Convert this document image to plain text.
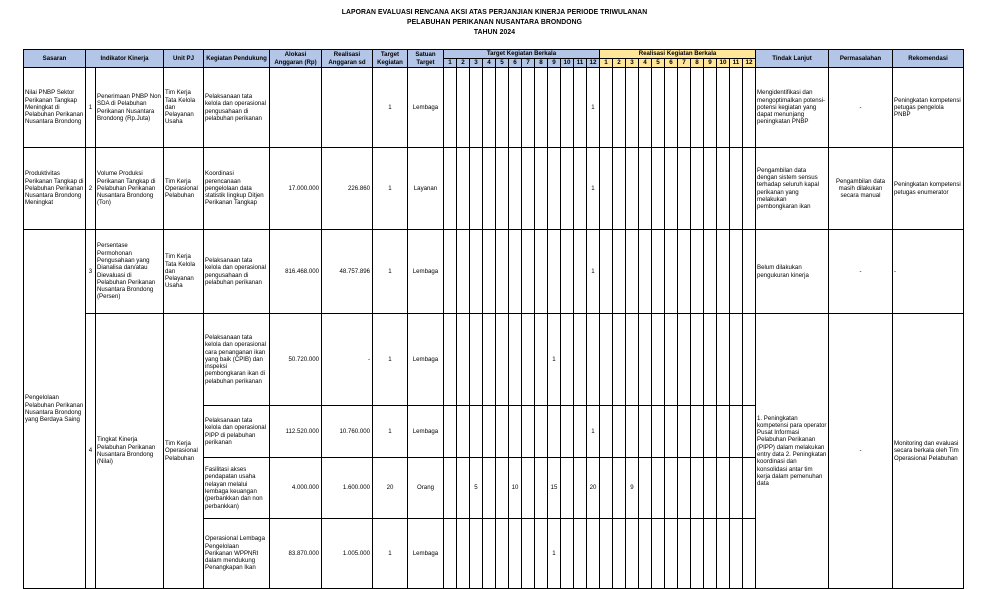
LAPORAN EVALUASI RENCANA AKSI ATAS PERJANJIAN KINERJA PERIODE TRIWULANAN
PELABUHAN PERIKANAN NUSANTARA BRONDONG
TAHUN 2024
Sasaran	Indikator Kinerja		Unit PJ	Kegiatan Pendukung	Alokasi Anggaran (Rp)	Realisasi Anggaran sd	Target Kegiatan	Satuan Target	Target Kegiatan Berkala												Realisasi Kegiatan Berkala												Tindak Lanjut	Permasalahan	Rekomendasi
									1	2	3	4	5	6	7	8	9	10	11	12	1	2	3	4	5	6	7	8	9	10	11	12			
Nilai PNBP Sektor Perikanan Tangkap Meningkat di Pelabuhan Perikanan Nusantara Brondong	1	Penerimaan PNBP Non SDA di Pelabuhan Perikanan Nusantara Brondong (Rp.Juta)	Tim Kerja Tata Kelola dan Pelayanan Usaha	Pelaksanaan tata kelola dan operasional pengusahaan di pelabuhan perikanan			1	Lembaga												1													Mengidentifikasi dan mengoptimalkan potensi-potensi kegiatan yang dapat menunjang peningkatan PNBP	-	Peningkatan kompetensi petugas pengelola PNBP
Produktivitas Perikanan Tangkap di Pelabuhan Perikanan Nusantara Brondong Meningkat	2	Volume Produksi Perikanan Tangkap di Pelabuhan Perikanan Nusantara Brondong (Ton)	Tim Kerja Operasional Pelabuhan	Koordinasi perencanaan pengelolaan data statistik lingkup Ditjen Perikanan Tangkap	17.000.000	226.860	1	Layanan												1													Pengambilan data dengan sistem sensus terhadap seluruh kapal perikanan yang melakukan pembongkaran ikan	Pengambilan data masih dilakukan secara manual	Peningkatan kompetensi petugas enumerator
Pengelolaan Pelabuhan Perikanan Nusantara Brondong yang Berdaya Saing	3	Persentase Permohonan Pengusahaan yang Dianalisa dan/atau Dievaluasi di Pelabuhan Perikanan Nusantara Brondong (Persen)	Tim Kerja Tata Kelola dan Pelayanan Usaha	Pelaksanaan tata kelola dan operasional pengusahaan di pelabuhan perikanan	816.468.000	48.757.896	1	Lembaga												1													Belum dilakukan pengukuran kinerja	-	-
	4	Tingkat Kinerja Pelabuhan Perikanan Nusantara Brondong (Nilai)	Tim Kerja Operasional Pelabuhan	Pelaksanaan tata kelola dan operasional cara penanganan ikan yang baik (CPIB) dan inspeksi pembongkaran ikan di pelabuhan perikanan	50.720.000	-	1	Lembaga									1																1. Peningkatan kompetensi para operator Pusat Informasi Pelabuhan Perikanan (PIPP) dalam melakukan entry data 2. Peningkatan koordinasi dan konsolidasi antar tim kerja dalam pemenuhan data	-	Monitoring dan evaluasi secara berkala oleh Tim Operasional Pelabuhan
				Pelaksanaan tata kelola dan operasional PIPP di pelabuhan perikanan	112.520.000	10.760.000	1	Lembaga												1															
				Fasilitasi akses pendapatan usaha nelayan melalui lembaga keuangan (perbankkan dan non perbankkan)	4.000.000	1.600.000	20	Orang			5			10			15			20			9												
				Operasional Lembaga Pengelolaan Perikanan WPPNRI dalam mendukung Penangkapan Ikan	83.870.000	1.005.000	1	Lembaga									1																		
